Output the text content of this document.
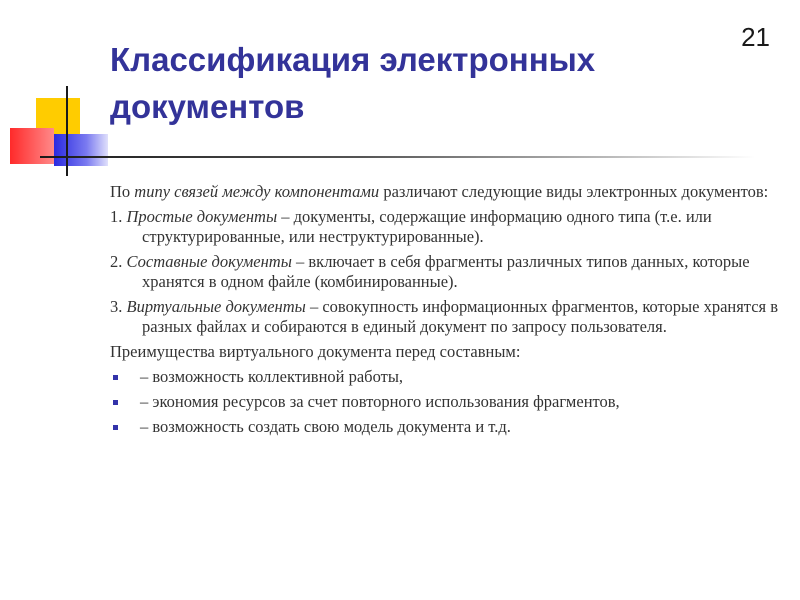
21
Классификация электронных документов

По типу связей между компонентами различают следующие виды электронных документов:

1. Простые документы – документы, содержащие информацию одного типа (т.е. или структурированные, или неструктурированные).

2. Составные документы – включает в себя фрагменты различных типов данных, которые хранятся в одном файле (комбинированные).

3. Виртуальные документы – совокупность информационных фрагментов, которые хранятся в разных файлах и собираются в единый документ по запросу пользователя.

Преимущества виртуального документа перед составным:

– возможность коллективной работы,
– экономия ресурсов за счет повторного использования фрагментов,
– возможность создать свою модель документа и т.д.
